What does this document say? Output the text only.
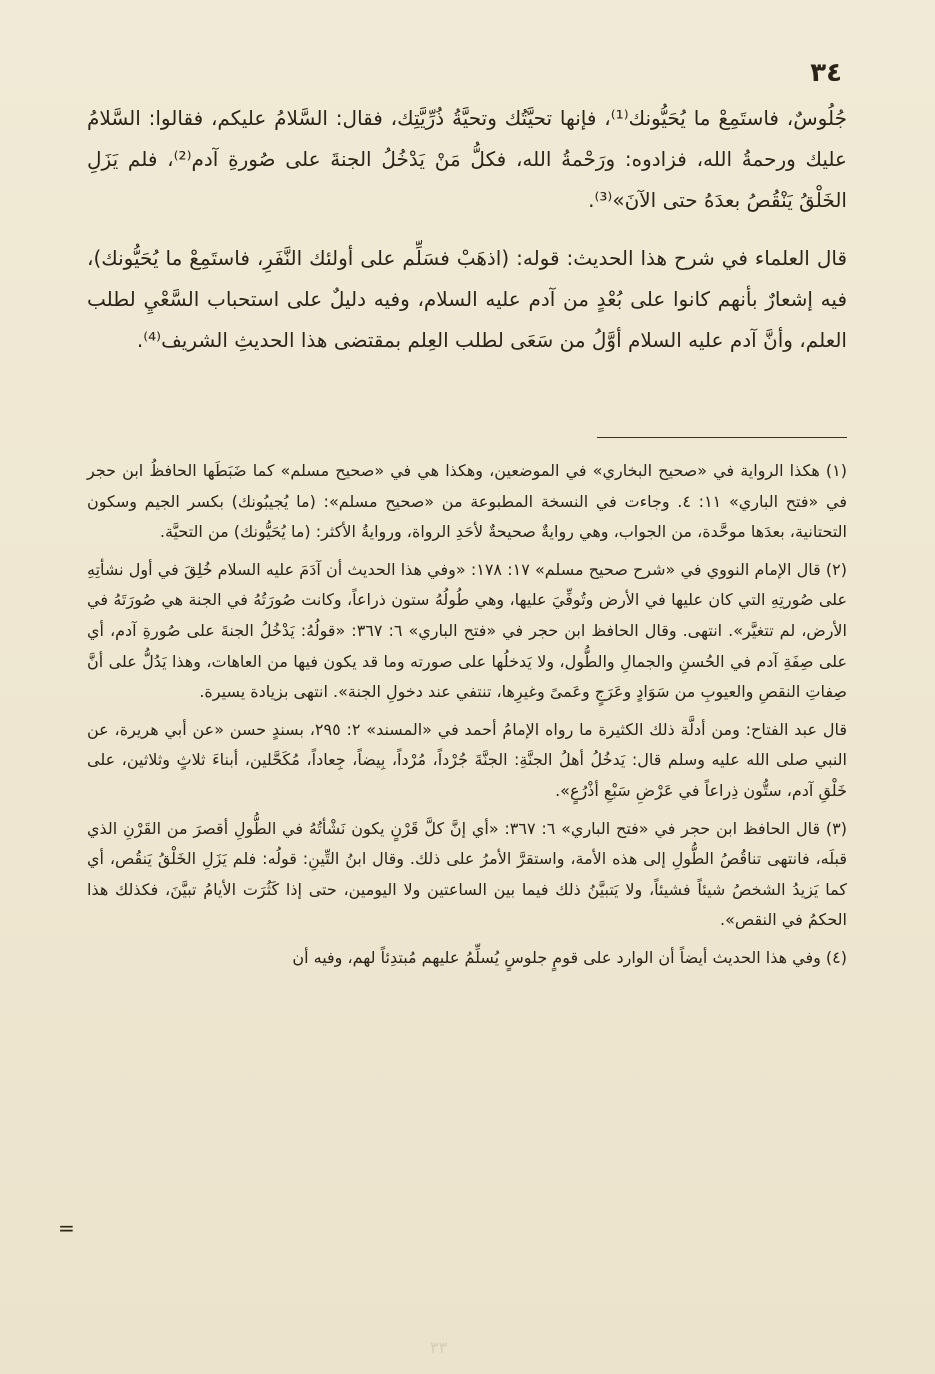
٣٤

جُلُوسٌ، فاستَمِعْ ما يُحَيُّونك⁽¹⁾، فإنها تحيَّتُك وتحيَّةُ ذُرِّيَّتِك، فقال: السَّلامُ عليكم، فقالوا: السَّلامُ عليك ورحمةُ الله، فزادوه: ورَحْمةُ الله، فكلُّ مَنْ يَدْخُلُ الجنةَ على صُورةِ آدم⁽²⁾، فلم يَزَلِ الخَلْقُ يَنْقُصُ بعدَهُ حتى الآنَ»⁽³⁾.

قال العلماء في شرح هذا الحديث: قوله: (اذهَبْ فسَلِّم على أولئك النَّفَرِ، فاستَمِعْ ما يُحَيُّونك)، فيه إشعارٌ بأنهم كانوا على بُعْدٍ من آدم عليه السلام، وفيه دليلٌ على استحباب السَّعْيِ لطلب العلم، وأنَّ آدم عليه السلام أوَّلُ من سَعَى لطلب العِلم بمقتضى هذا الحديثِ الشريف⁽⁴⁾.

(١) هكذا الرواية في «صحيح البخاري» في الموضعين، وهكذا هي في «صحيح مسلم» كما ضَبَطَها الحافظُ ابن حجر في «فتح الباري» ١١: ٤. وجاءت في النسخة المطبوعة من «صحيح مسلم»: (ما يُجيبُونك) بكسر الجيم وسكون التحتانية، بعدَها موحَّدة، من الجواب، وهي روايةٌ صحيحةٌ لأحَدِ الرواة، وروايةُ الأكثر: (ما يُحَيُّونك) من التحيَّة.

(٢) قال الإمام النووي في «شرح صحيح مسلم» ١٧: ١٧٨: «وفي هذا الحديث أن آدَمَ عليه السلام خُلِقَ في أول نشأتِهِ على صُورتِهِ التي كان عليها في الأرض وتُوفِّيَ عليها، وهي طُولُهُ ستون ذراعاً، وكانت صُورَتُهُ في الجنة هي صُورَتَهُ في الأرض، لم تتغيَّر». انتهى. وقال الحافظ ابن حجر في «فتح الباري» ٦: ٣٦٧: «قولُهُ: يَدْخُلُ الجنةَ على صُورةِ آدم، أي على صِفَةِ آدم في الحُسنِ والجمالِ والطُّول، ولا يَدخلُها على صورته وما قد يكون فيها من العاهات، وهذا يَدُلُّ على أنَّ صِفاتِ النقصِ والعيوبِ من سَوَادٍ وعَرَجٍ وعَمىً وغيرِها، تنتفي عند دخولِ الجنة». انتهى بزيادة يسيرة.

قال عبد الفتاح: ومن أدلَّة ذلك الكثيرة ما رواه الإمامُ أحمد في «المسند» ٢: ٢٩٥، بسندٍ حسن «عن أبي هريرة، عن النبي صلى الله عليه وسلم قال: يَدخُلُ أهلُ الجنَّةِ: الجنَّةَ جُرْداً، مُرْداً، بِيضاً، جِعاداً، مُكَحَّلين، أبناءَ ثلاثٍ وثلاثين، على خَلْقِ آدم، ستُّون ذِراعاً في عَرْضِ سَبْعِ أذْرُعٍ».

(٣) قال الحافظ ابن حجر في «فتح الباري» ٦: ٣٦٧: «أي إنَّ كلَّ قَرْنٍ يكون نَشْأتُهُ في الطُّولِ أقصرَ من القَرْنِ الذي قبلَه، فانتهى تناقُصُ الطُّولِ إلى هذه الأمة، واستقرَّ الأمرُ على ذلك. وقال ابنُ التِّينِ: قولُه: فلم يَزَلِ الخَلْقُ يَنقُص، أي كما يَزيدُ الشخصُ شيئاً فشيئاً، ولا يَتبيَّنُ ذلك فيما بين الساعتين ولا اليومين، حتى إذا كَثُرَت الأيامُ تبيَّنَ، فكذلك هذا الحكمُ في النقص».

(٤) وفي هذا الحديث أيضاً أن الوارد على قومٍ جلوسٍ يُسلِّمُ عليهم مُبتدِئاً لهم، وفيه أن

=
٣٣
